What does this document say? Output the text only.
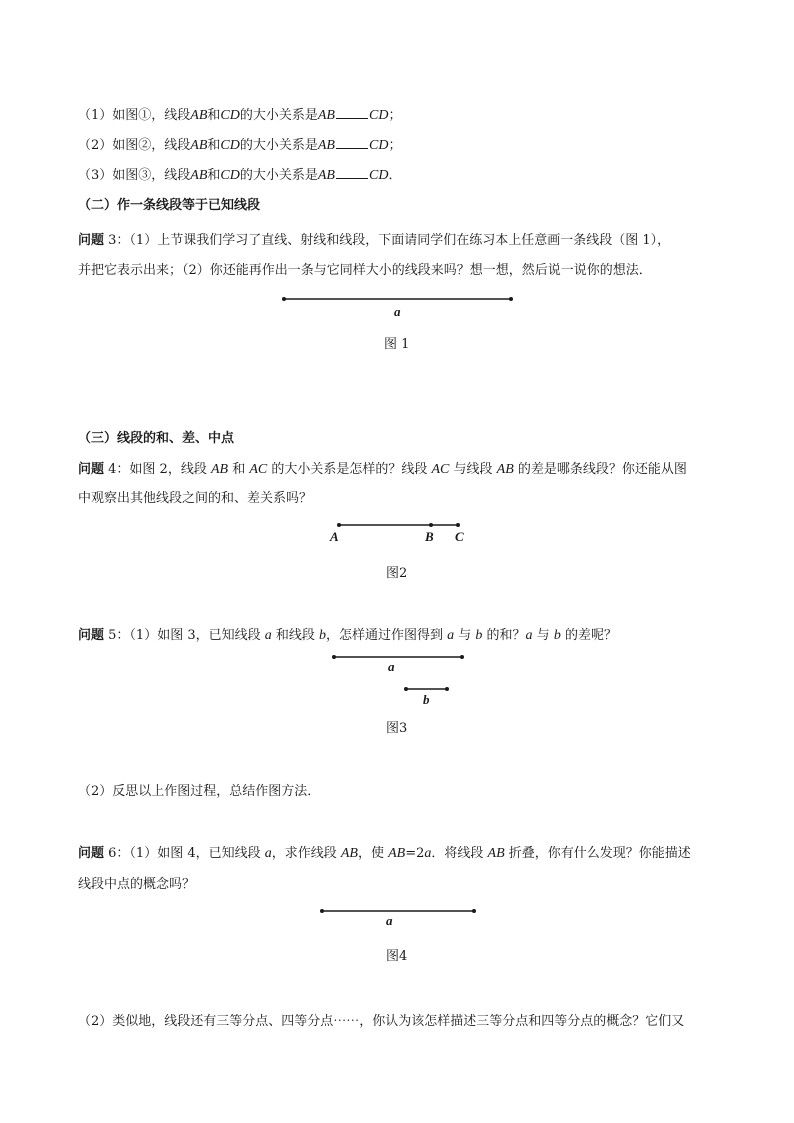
（1）如图①，线段AB和CD的大小关系是AB CD；
（2）如图②，线段AB和CD的大小关系是AB CD；
（3）如图③，线段AB和CD的大小关系是AB CD．
（二）作一条线段等于已知线段
问题 3：（1）上节课我们学习了直线、射线和线段，下面请同学们在练习本上任意画一条线段（图 1），
并把它表示出来；（2）你还能再作出一条与它同样大小的线段来吗？想一想，然后说一说你的想法．
a
图 1
（三）线段的和、差、中点
问题 4：如图 2，线段 AB 和 AC 的大小关系是怎样的？线段 AC 与线段 AB 的差是哪条线段？你还能从图
中观察出其他线段之间的和、差关系吗？
A	B C
图2
问题 5：（1）如图 3，已知线段 a 和线段 b，怎样通过作图得到 a 与 b 的和？a 与 b 的差呢？
a
b
图3
（2）反思以上作图过程，总结作图方法．
问题 6：（1）如图 4，已知线段 a，求作线段 AB，使 AB=2a．将线段 AB 折叠，你有什么发现？你能描述
线段中点的概念吗？
a
图4
（2）类似地，线段还有三等分点、四等分点⋯⋯，你认为该怎样描述三等分点和四等分点的概念？它们又
